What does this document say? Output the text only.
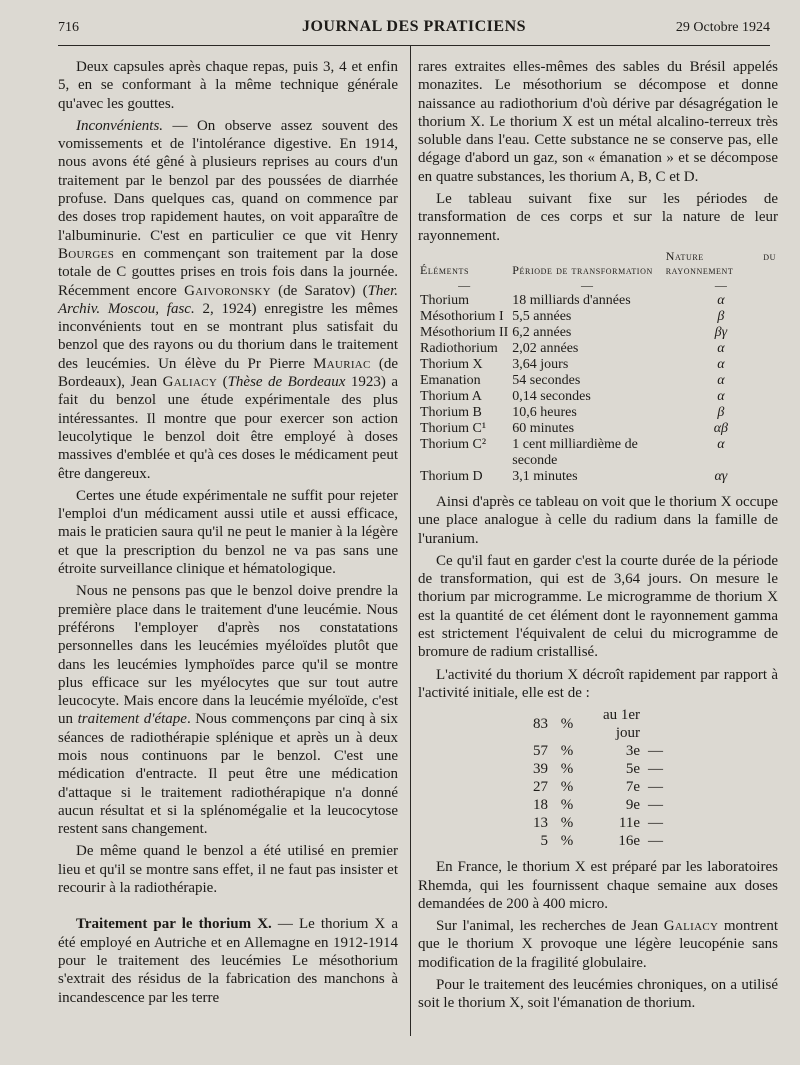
716	JOURNAL DES PRATICIENS	29 Octobre 1924

Deux capsules après chaque repas, puis 3, 4 et enfin 5, en se conformant à la même technique générale qu'avec les gouttes.

Inconvénients. — On observe assez souvent des vomissements et de l'intolérance digestive. En 1914, nous avons été gêné à plusieurs reprises au cours d'un traitement par le benzol par des poussées de diarrhée profuse. Dans quelques cas, quand on commence par des doses trop rapidement hautes, on voit apparaître de l'albuminurie. C'est en particulier ce que vit Henry Bourges en commençant son traitement par la dose totale de C gouttes prises en trois fois dans la journée. Récemment encore Gaivoronsky (de Saratov) (Ther. Archiv. Moscou, fasc. 2, 1924) enregistre les mêmes inconvénients tout en se montrant plus satisfait du benzol que des rayons ou du thorium dans le traitement des leucémies. Un élève du Pr Pierre Mauriac (de Bordeaux), Jean Galiacy (Thèse de Bordeaux 1923) a fait du benzol une étude expérimentale des plus intéressantes. Il montre que pour exercer son action leucolytique le benzol doit être employé à doses massives d'emblée et qu'à ces doses le médicament peut être dangereux.

Certes une étude expérimentale ne suffit pour rejeter l'emploi d'un médicament aussi utile et aussi efficace, mais le praticien saura qu'il ne peut le manier à la légère et que la prescription du benzol ne va pas sans une étroite surveillance clinique et hématologique.

Nous ne pensons pas que le benzol doive prendre la première place dans le traitement d'une leucémie. Nous préférons l'employer d'après nos constatations personnelles dans les leucémies myéloïdes plutôt que dans les leucémies lymphoïdes parce qu'il se montre plus efficace sur les myélocytes que sur tout autre leucocyte. Mais encore dans la leucémie myéloïde, c'est un traitement d'étape. Nous commençons par cinq à six séances de radiothérapie splénique et après un à deux mois nous continuons par le benzol. C'est une médication d'entracte. Il peut être une médication d'attaque si le traitement radiothérapique n'a donné aucun résultat et si la splénomégalie et la leucocytose restent sans changement.

De même quand le benzol a été utilisé en premier lieu et qu'il se montre sans effet, il ne faut pas insister et recourir à la radiothérapie.

Traitement par le thorium X. — Le thorium X a été employé en Autriche et en Allemagne en 1912-1914 pour le traitement des leucémies Le mésothorium s'extrait des résidus de la fabrication des manchons à incandescence par les terre

rares extraites elles-mêmes des sables du Brésil appelés monazites. Le mésothorium se décompose et donne naissance au radiothorium d'où dérive par désagrégation le thorium X. Le thorium X est un métal alcalino-terreux très soluble dans l'eau. Cette substance ne se conserve pas, elle dégage d'abord un gaz, son « émanation » et se décompose en quatre substances, les thorium A, B, C et D.

Le tableau suivant fixe sur les périodes de transformation de ces corps et sur la nature de leur rayonnement.

Éléments	Période de transformation	Nature du rayonnement
—	—	—
Thorium	18 milliards d'années	α
Mésothorium I	5,5 années	β
Mésothorium II	6,2 années	βγ
Radiothorium	2,02 années	α
Thorium X	3,64 jours	α
Emanation	54 secondes	α
Thorium A	0,14 secondes	α
Thorium B	10,6 heures	β
Thorium C¹	60 minutes	αβ
Thorium C²	1 cent milliardième de seconde	α
Thorium D	3,1 minutes	αγ

Ainsi d'après ce tableau on voit que le thorium X occupe une place analogue à celle du radium dans la famille de l'uranium.

Ce qu'il faut en garder c'est la courte durée de la période de transformation, qui est de 3,64 jours. On mesure le thorium par microgramme. Le microgramme de thorium X est la quantité de cet élément dont le rayonnement gamma est strictement l'équivalent de celui du microgramme de bromure de radium cristallisé.

L'activité du thorium X décroît rapidement par rapport à l'activité initiale, elle est de :

83	%	au 1er jour	
57	%	3e	—
39	%	5e	—
27	%	7e	—
18	%	9e	—
13	%	11e	—
5	%	16e	—

En France, le thorium X est préparé par les laboratoires Rhemda, qui les fournissent chaque semaine aux doses demandées de 200 à 400 micro.

Sur l'animal, les recherches de Jean Galiacy montrent que le thorium X provoque une légère leucopénie sans modification de la fragilité globulaire.

Pour le traitement des leucémies chroniques, on a utilisé soit le thorium X, soit l'émanation de thorium.
